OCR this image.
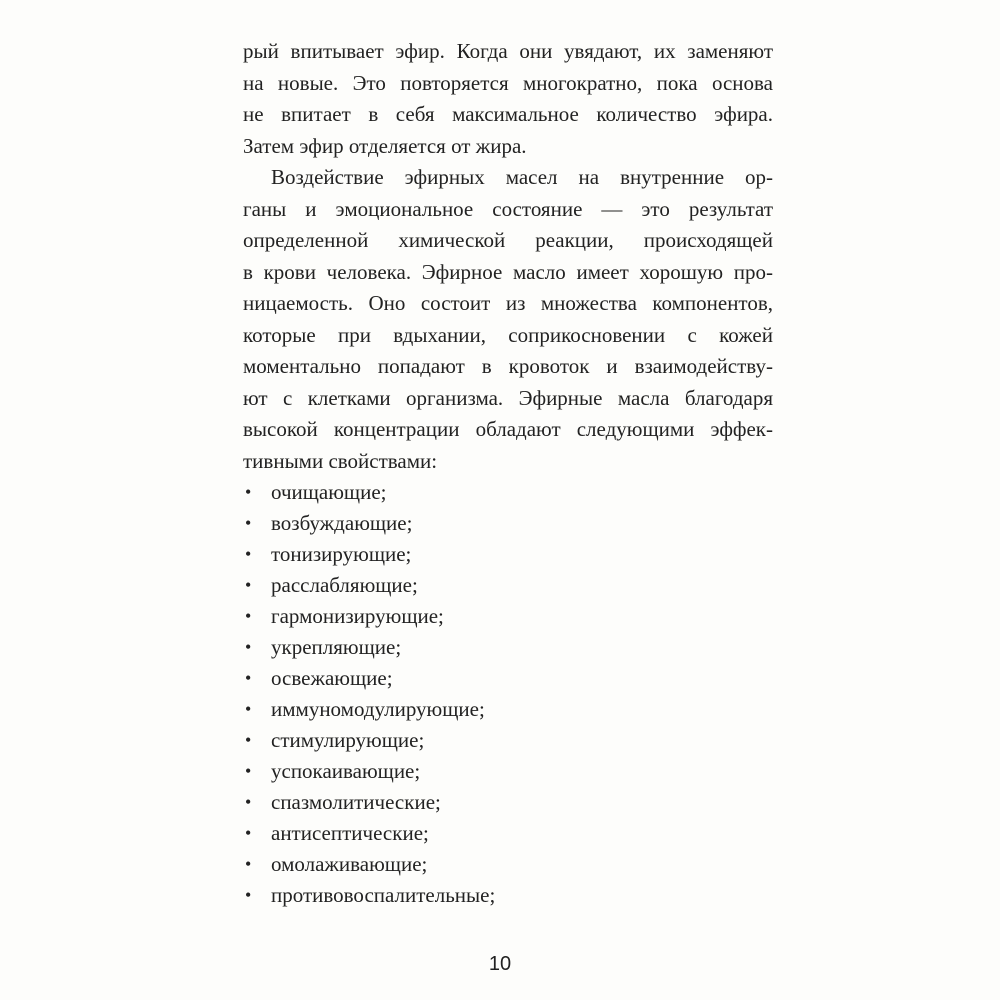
рый впитывает эфир. Когда они увядают, их заменяют
на новые. Это повторяется многократно, пока основа
не впитает в себя максимальное количество эфира.
Затем эфир отделяется от жира.
Воздействие эфирных масел на внутренние ор-
ганы и эмоциональное состояние — это результат
определенной химической реакции, происходящей
в крови человека. Эфирное масло имеет хорошую про-
ницаемость. Оно состоит из множества компонентов,
которые при вдыхании, соприкосновении с кожей
моментально попадают в кровоток и взаимодейству-
ют с клетками организма. Эфирные масла благодаря
высокой концентрации обладают следующими эффек-
тивными свойствами:
• очищающие;
• возбуждающие;
• тонизирующие;
• расслабляющие;
• гармонизирующие;
• укрепляющие;
• освежающие;
• иммуномодулирующие;
• стимулирующие;
• успокаивающие;
• спазмолитические;
• антисептические;
• омолаживающие;
• противовоспалительные;
10
